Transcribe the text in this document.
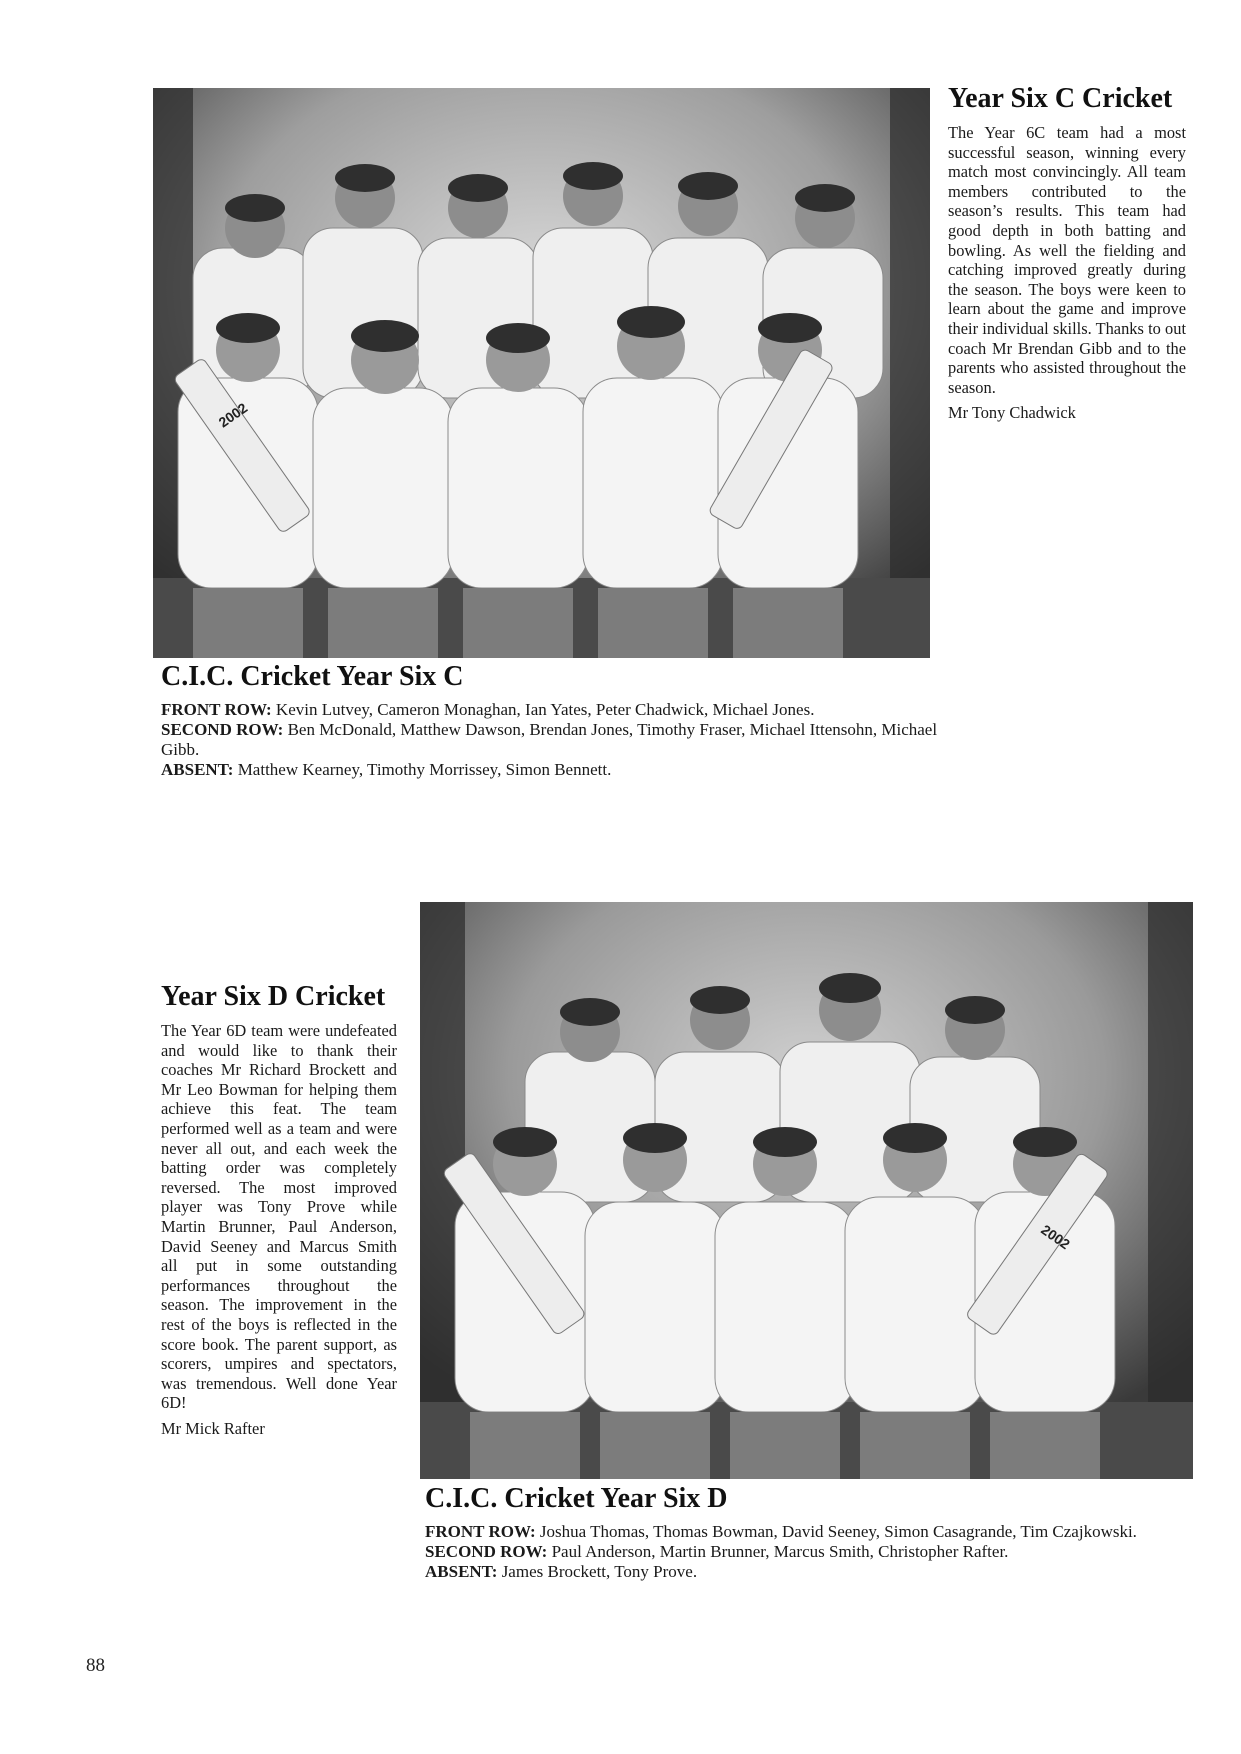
2002
Year Six C Cricket

The Year 6C team had a most successful season, winning every match most convincingly. All team members contributed to the season’s results. This team had good depth in both batting and bowling. As well the fielding and catching improved greatly during the season. The boys were keen to learn about the game and improve their individual skills. Thanks to out coach Mr Brendan Gibb and to the parents who assisted throughout the season.

Mr Tony Chadwick

C.I.C. Cricket Year Six C

FRONT ROW: Kevin Lutvey, Cameron Monaghan, Ian Yates, Peter Chadwick, Michael Jones.

SECOND ROW: Ben McDonald, Matthew Dawson, Brendan Jones, Timothy Fraser, Michael Ittensohn, Michael Gibb.

ABSENT: Matthew Kearney, Timothy Morrissey, Simon Bennett.

Year Six D Cricket

The Year 6D team were undefeated and would like to thank their coaches Mr Richard Brockett and Mr Leo Bowman for helping them achieve this feat. The team performed well as a team and were never all out, and each week the batting order was completely reversed. The most improved player was Tony Prove while Martin Brunner, Paul Anderson, David Seeney and Marcus Smith all put in some outstanding performances throughout the season. The improvement in the rest of the boys is reflected in the score book. The parent support, as scorers, umpires and spectators, was tremendous. Well done Year 6D!

Mr Mick Rafter

2002
C.I.C. Cricket Year Six D

FRONT ROW: Joshua Thomas, Thomas Bowman, David Seeney, Simon Casagrande, Tim Czajkowski.

SECOND ROW: Paul Anderson, Martin Brunner, Marcus Smith, Christopher Rafter.

ABSENT: James Brockett, Tony Prove.

88
